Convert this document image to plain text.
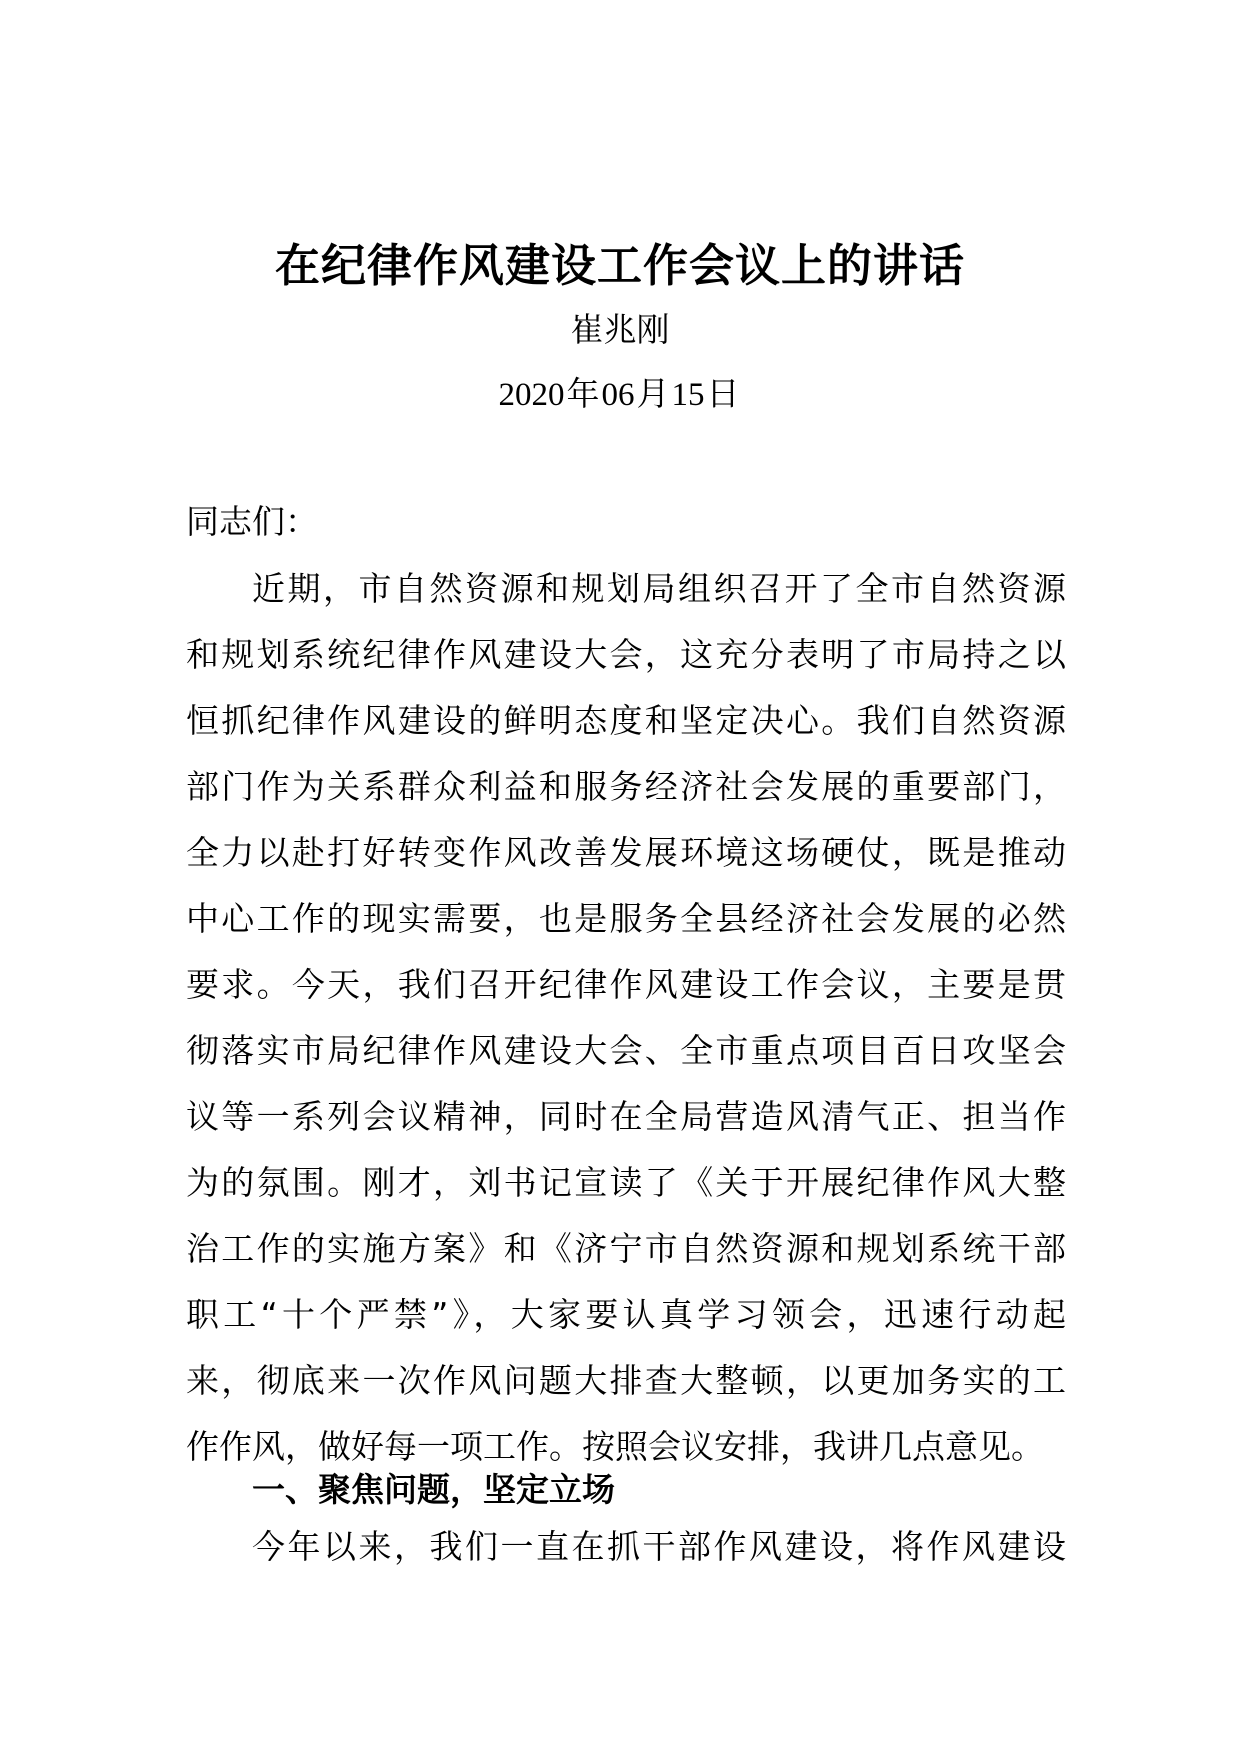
在纪律作风建设工作会议上的讲话
崔兆刚
2020年06月15日
同志们：
近期，市自然资源和规划局组织召开了全市自然资源
和规划系统纪律作风建设大会，这充分表明了市局持之以
恒抓纪律作风建设的鲜明态度和坚定决心。我们自然资源
部门作为关系群众利益和服务经济社会发展的重要部门，
全力以赴打好转变作风改善发展环境这场硬仗，既是推动
中心工作的现实需要，也是服务全县经济社会发展的必然
要求。今天，我们召开纪律作风建设工作会议，主要是贯
彻落实市局纪律作风建设大会、全市重点项目百日攻坚会
议等一系列会议精神，同时在全局营造风清气正、担当作
为的氛围。刚才，刘书记宣读了《关于开展纪律作风大整
治工作的实施方案》和《济宁市自然资源和规划系统干部
职工“十个严禁”》，大家要认真学习领会，迅速行动起
来，彻底来一次作风问题大排查大整顿，以更加务实的工
作作风，做好每一项工作。按照会议安排，我讲几点意见。
一、聚焦问题，坚定立场
今年以来，我们一直在抓干部作风建设，将作风建设
